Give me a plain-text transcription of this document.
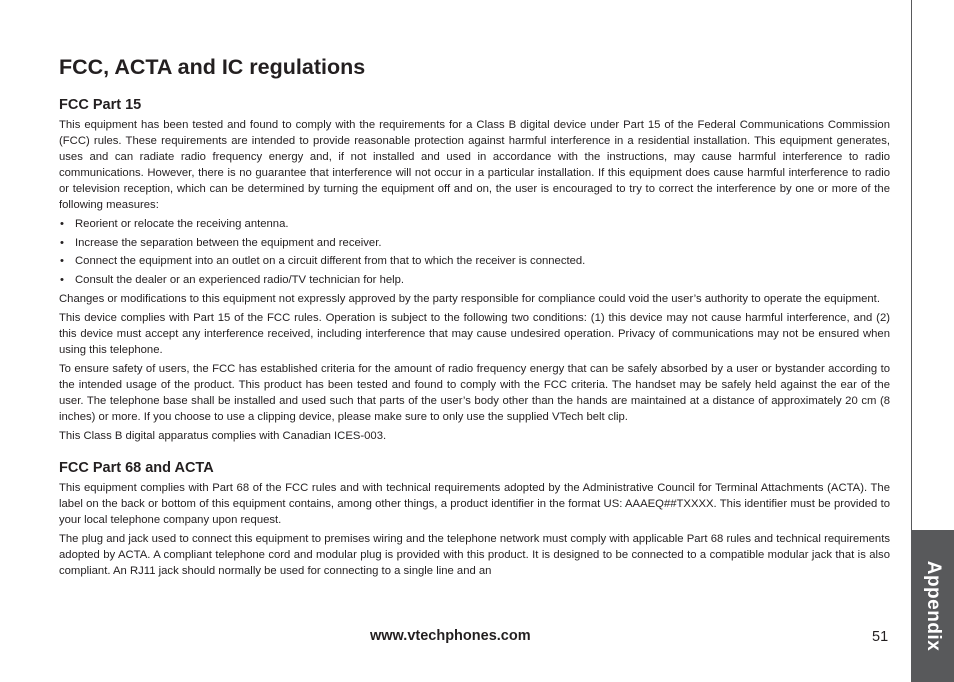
Appendix
FCC, ACTA and IC regulations
FCC Part 15

This equipment has been tested and found to comply with the requirements for a Class B digital device under Part 15 of the Federal Communications Commission (FCC) rules. These requirements are intended to provide reasonable protection against harmful interference in a residential installation. This equipment generates, uses and can radiate radio frequency energy and, if not installed and used in accordance with the instructions, may cause harmful interference to radio communications. However, there is no guarantee that interference will not occur in a particular installation. If this equipment does cause harmful interference to radio or television reception, which can be determined by turning the equipment off and on, the user is encouraged to try to correct the interference by one or more of the following measures:

• Reorient or relocate the receiving antenna.
• Increase the separation between the equipment and receiver.
• Connect the equipment into an outlet on a circuit different from that to which the receiver is connected.
• Consult the dealer or an experienced radio/TV technician for help.

Changes or modifications to this equipment not expressly approved by the party responsible for compliance could void the user’s authority to operate the equipment.

This device complies with Part 15 of the FCC rules. Operation is subject to the following two conditions: (1) this device may not cause harmful interference, and (2) this device must accept any interference received, including interference that may cause undesired operation. Privacy of communications may not be ensured when using this telephone.

To ensure safety of users, the FCC has established criteria for the amount of radio frequency energy that can be safely absorbed by a user or bystander according to the intended usage of the product. This product has been tested and found to comply with the FCC criteria. The handset may be safely held against the ear of the user. The telephone base shall be installed and used such that parts of the user’s body other than the hands are maintained at a distance of approximately 20 cm (8 inches) or more. If you choose to use a clipping device, please make sure to only use the supplied VTech belt clip.

This Class B digital apparatus complies with Canadian ICES-003.

FCC Part 68 and ACTA

This equipment complies with Part 68 of the FCC rules and with technical requirements adopted by the Administrative Council for Terminal Attachments (ACTA). The label on the back or bottom of this equipment contains, among other things, a product identifier in the format US: AAAEQ##TXXXX. This identifier must be provided to your local telephone company upon request.

The plug and jack used to connect this equipment to premises wiring and the telephone network must comply with applicable Part 68 rules and technical requirements adopted by ACTA. A compliant telephone cord and modular plug is provided with this product. It is designed to be connected to a compatible modular jack that is also compliant. An RJ11 jack should normally be used for connecting to a single line and an

www.vtechphones.com	51
